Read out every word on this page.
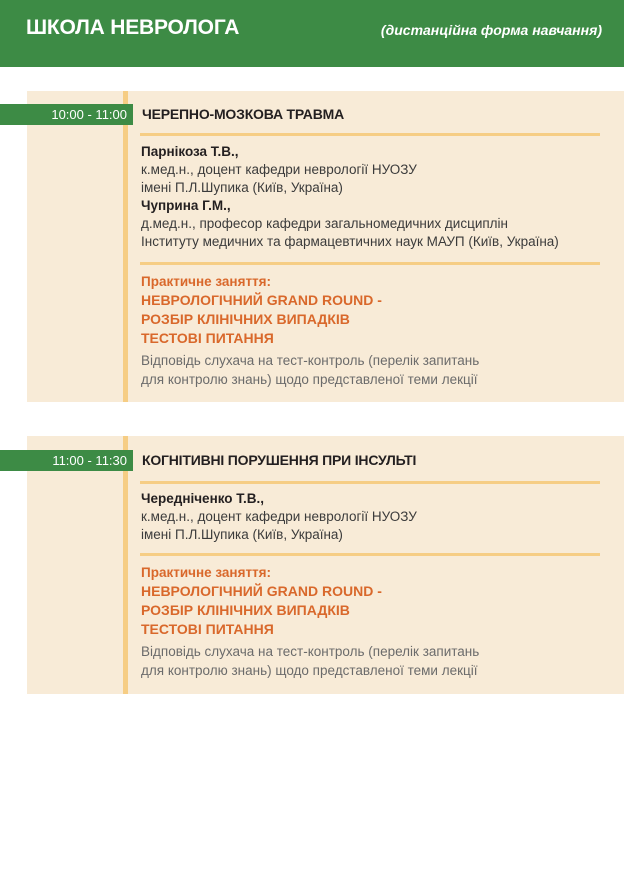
ШКОЛА НЕВРОЛОГА	(дистанційна форма навчання)
10:00 - 11:00	ЧЕРЕПНО-МОЗКОВА ТРАВМА
Парнікоза Т.В.,
к.мед.н., доцент кафедри неврології НУОЗУ
імені П.Л.Шупика (Київ, Україна)
Чуприна Г.М.,
д.мед.н., професор кафедри загальномедичних дисциплін
Інституту медичних та фармацевтичних наук МАУП (Київ, Україна)
Практичне заняття:
НЕВРОЛОГІЧНИЙ GRAND ROUND -
РОЗБІР КЛІНІЧНИХ ВИПАДКІВ
ТЕСТОВІ ПИТАННЯ
Відповідь слухача на тест-контроль (перелік запитань
для контролю знань) щодо представленої теми лекції
11:00 - 11:30	КОГНІТИВНІ ПОРУШЕННЯ ПРИ ІНСУЛЬТІ
Чередніченко Т.В.,
к.мед.н., доцент кафедри неврології НУОЗУ
імені П.Л.Шупика (Київ, Україна)
Практичне заняття:
НЕВРОЛОГІЧНИЙ GRAND ROUND -
РОЗБІР КЛІНІЧНИХ ВИПАДКІВ
ТЕСТОВІ ПИТАННЯ
Відповідь слухача на тест-контроль (перелік запитань
для контролю знань) щодо представленої теми лекції
